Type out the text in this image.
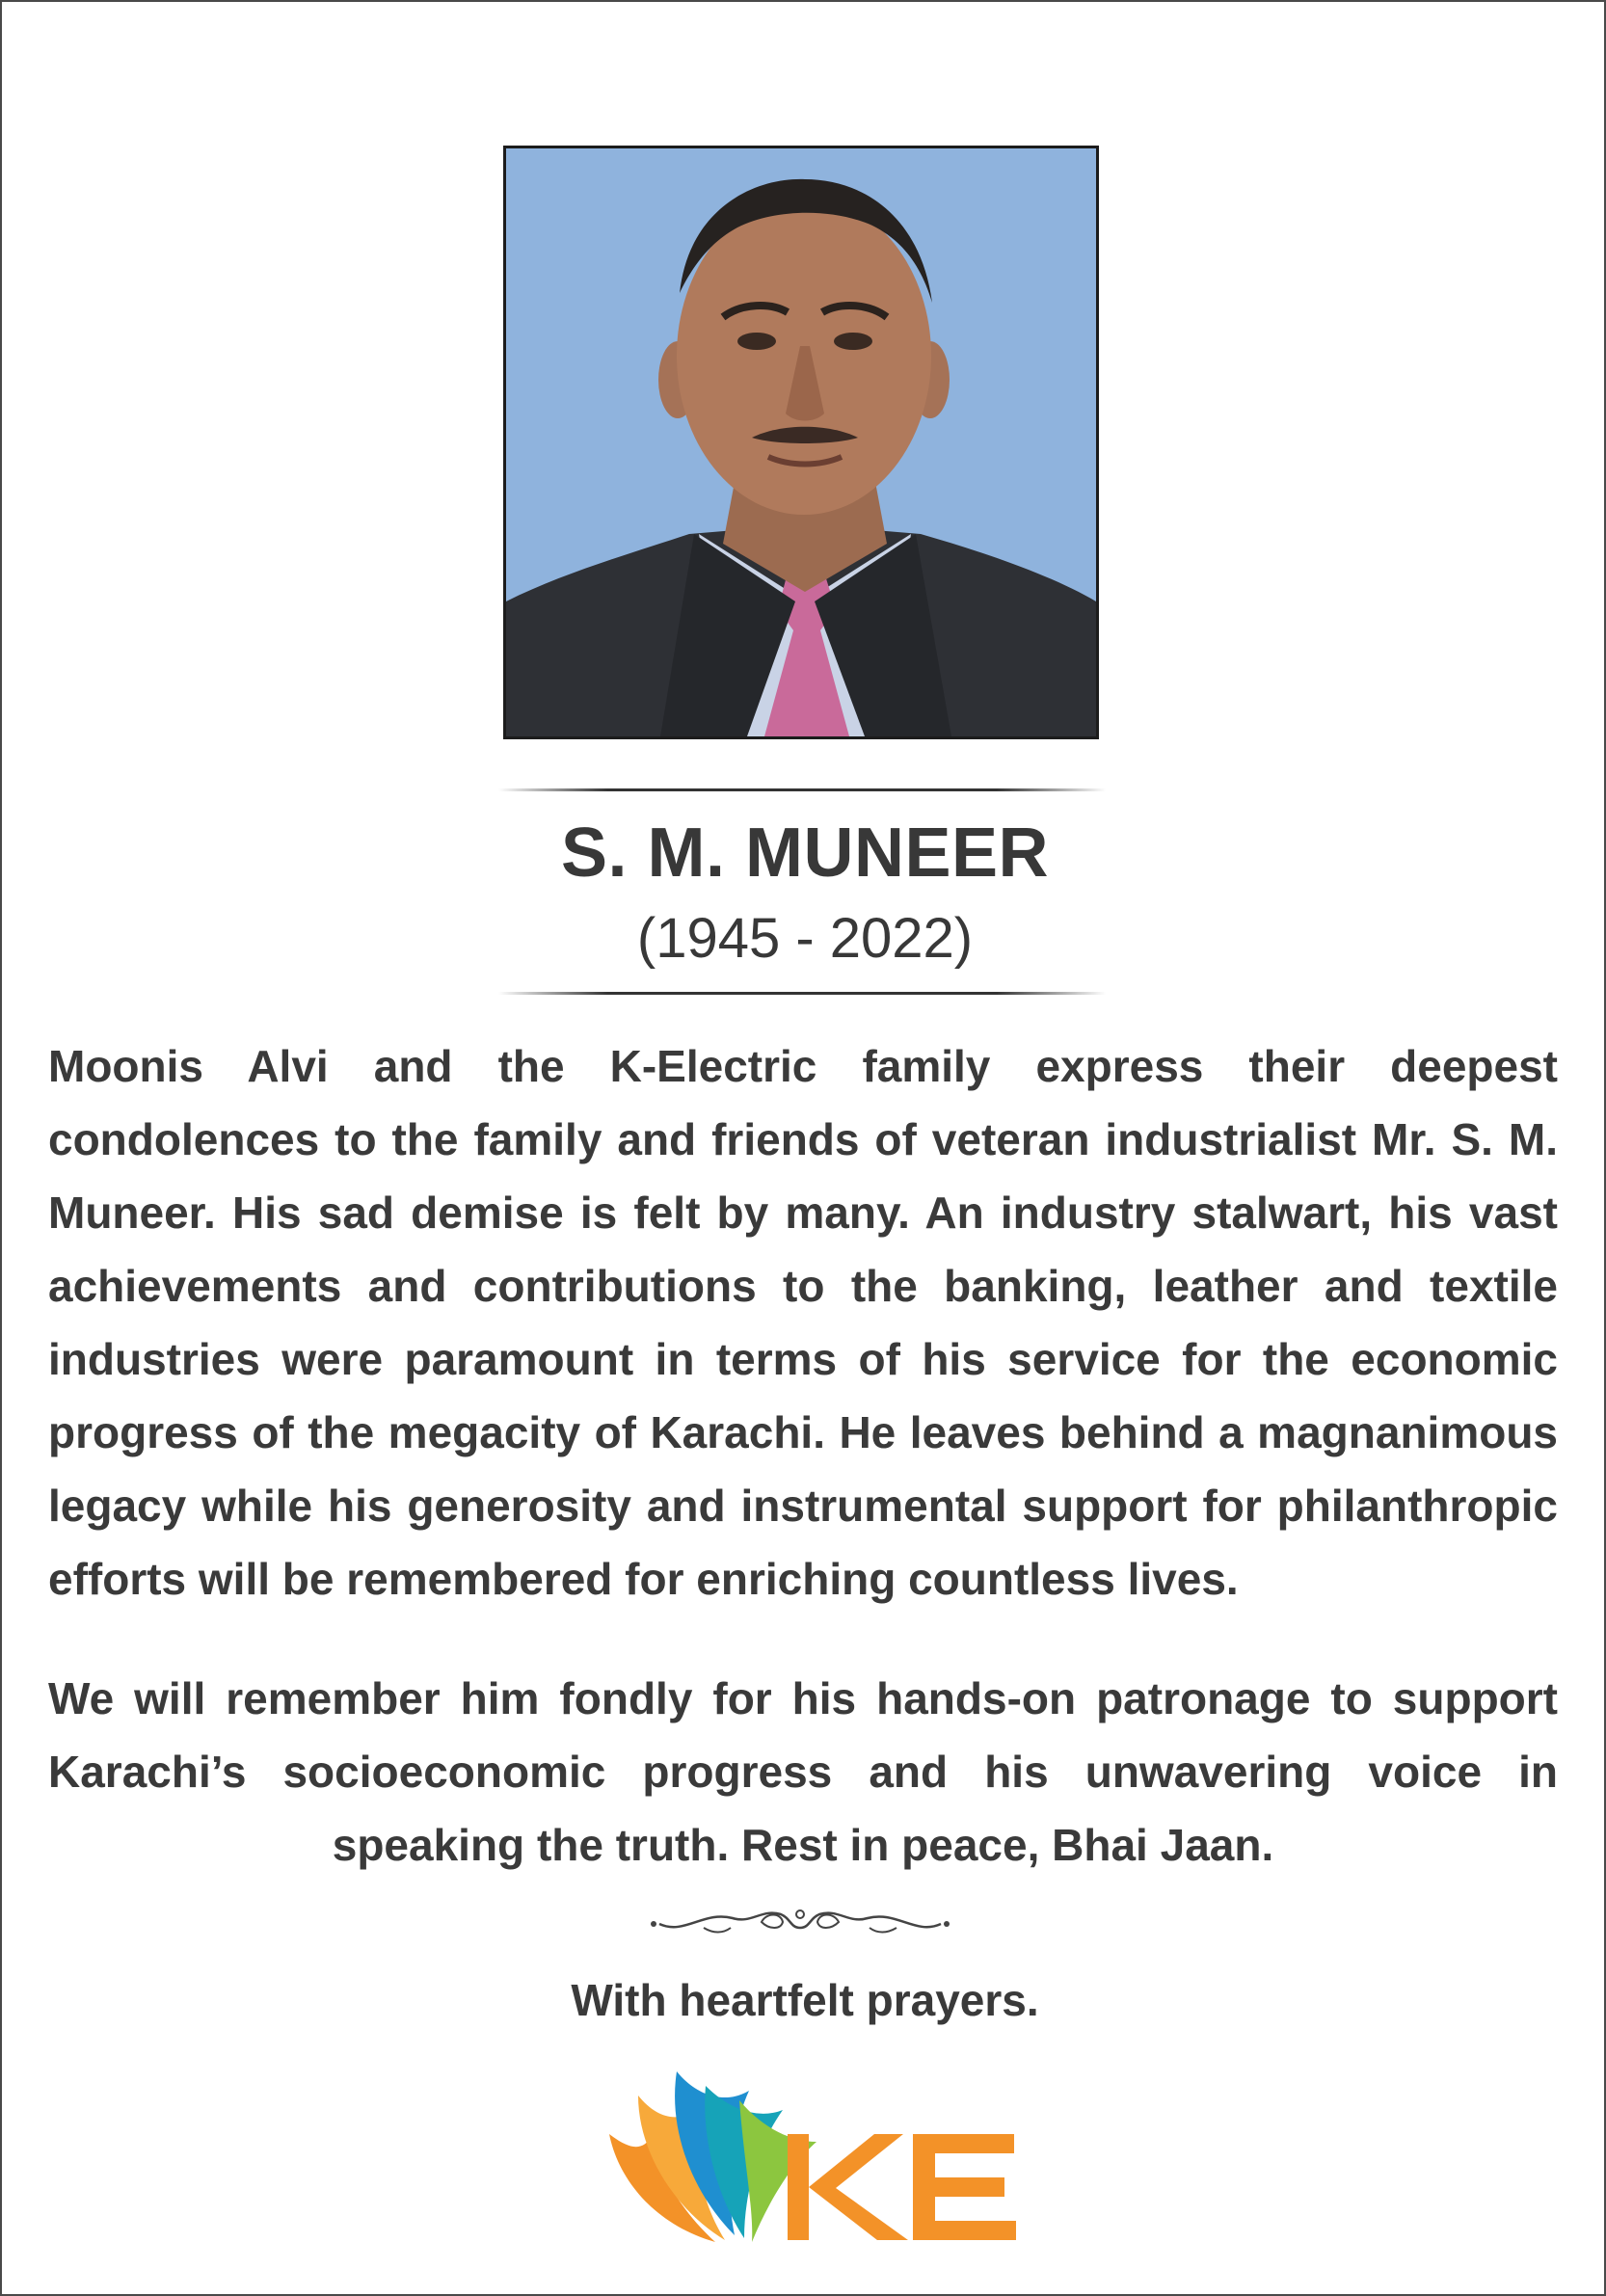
S. M. MUNEER
(1945 - 2022)
Moonis Alvi and the K-Electric family express their deepest condolences to the family and friends of veteran industrialist Mr. S. M. Muneer. His sad demise is felt by many. An industry stalwart, his vast achievements and contributions to the banking, leather and textile industries were paramount in terms of his service for the economic progress of the megacity of Karachi. He leaves behind a magnanimous legacy while his generosity and instrumental support for philanthropic efforts will be remembered for enriching countless lives.
We will remember him fondly for his hands-on patronage to support Karachi’s socioeconomic progress and his unwavering voice in speaking the truth. Rest in peace, Bhai Jaan.
With heartfelt prayers.
